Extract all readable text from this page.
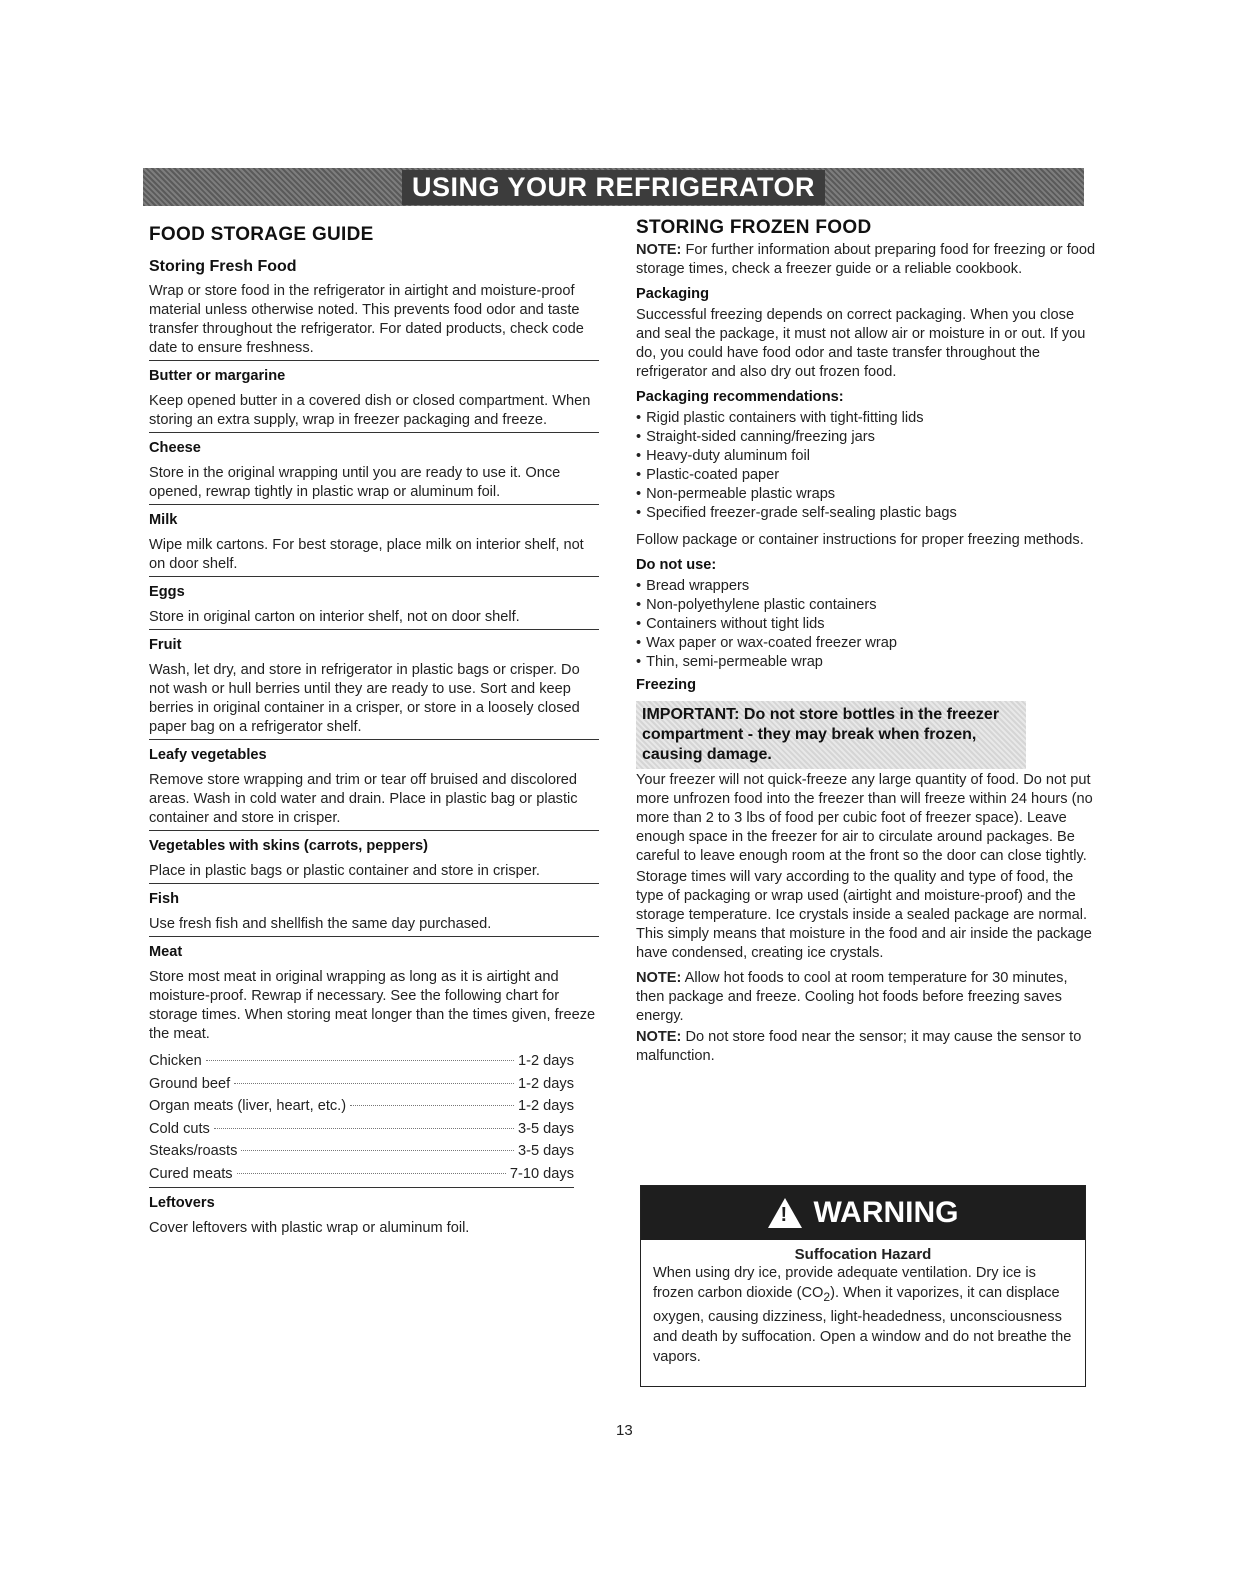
USING YOUR REFRIGERATOR
FOOD STORAGE GUIDE
Storing Fresh Food

Wrap or store food in the refrigerator in airtight and moisture-proof material unless otherwise noted. This prevents food odor and taste transfer throughout the refrigerator. For dated products, check code date to ensure freshness.

Butter or margarine

Keep opened butter in a covered dish or closed compartment. When storing an extra supply, wrap in freezer packaging and freeze.

Cheese

Store in the original wrapping until you are ready to use it. Once opened, rewrap tightly in plastic wrap or aluminum foil.

Milk

Wipe milk cartons. For best storage, place milk on interior shelf, not on door shelf.

Eggs

Store in original carton on interior shelf, not on door shelf.

Fruit

Wash, let dry, and store in refrigerator in plastic bags or crisper. Do not wash or hull berries until they are ready to use. Sort and keep berries in original container in a crisper, or store in a loosely closed paper bag on a refrigerator shelf.

Leafy vegetables

Remove store wrapping and trim or tear off bruised and discolored areas. Wash in cold water and drain. Place in plastic bag or plastic container and store in crisper.

Vegetables with skins (carrots, peppers)

Place in plastic bags or plastic container and store in crisper.

Fish

Use fresh fish and shellfish the same day purchased.

Meat

Store most meat in original wrapping as long as it is airtight and moisture-proof. Rewrap if necessary. See the following chart for storage times. When storing meat longer than the times given, freeze the meat.

Chicken	1-2 days
Ground beef	1-2 days
Organ meats (liver, heart, etc.)	1-2 days
Cold cuts	3-5 days
Steaks/roasts	3-5 days
Cured meats	7-10 days
Leftovers

Cover leftovers with plastic wrap or aluminum foil.

STORING FROZEN FOOD

NOTE: For further information about preparing food for freezing or food storage times, check a freezer guide or a reliable cookbook.

Packaging

Successful freezing depends on correct packaging. When you close and seal the package, it must not allow air or moisture in or out. If you do, you could have food odor and taste transfer throughout the refrigerator and also dry out frozen food.

Packaging recommendations:
• Rigid plastic containers with tight-fitting lids
• Straight-sided canning/freezing jars
• Heavy-duty aluminum foil
• Plastic-coated paper
• Non-permeable plastic wraps
• Specified freezer-grade self-sealing plastic bags

Follow package or container instructions for proper freezing methods.

Do not use:
• Bread wrappers
• Non-polyethylene plastic containers
• Containers without tight lids
• Wax paper or wax-coated freezer wrap
• Thin, semi-permeable wrap
Freezing
IMPORTANT: Do not store bottles in the freezer compartment - they may break when frozen, causing damage.

Your freezer will not quick-freeze any large quantity of food. Do not put more unfrozen food into the freezer than will freeze within 24 hours (no more than 2 to 3 lbs of food per cubic foot of freezer space). Leave enough space in the freezer for air to circulate around packages. Be careful to leave enough room at the front so the door can close tightly.

Storage times will vary according to the quality and type of food, the type of packaging or wrap used (airtight and moisture-proof) and the storage temperature. Ice crystals inside a sealed package are normal. This simply means that moisture in the food and air inside the package have condensed, creating ice crystals.

NOTE: Allow hot foods to cool at room temperature for 30 minutes, then package and freeze. Cooling hot foods before freezing saves energy.

NOTE: Do not store food near the sensor; it may cause the sensor to malfunction.

!
WARNING
Suffocation Hazard

When using dry ice, provide adequate ventilation. Dry ice is frozen carbon dioxide $(CO_2)$. When it vaporizes, it can displace oxygen, causing dizziness, light-headedness, unconsciousness and death by suffocation. Open a window and do not breathe the vapors.

13
